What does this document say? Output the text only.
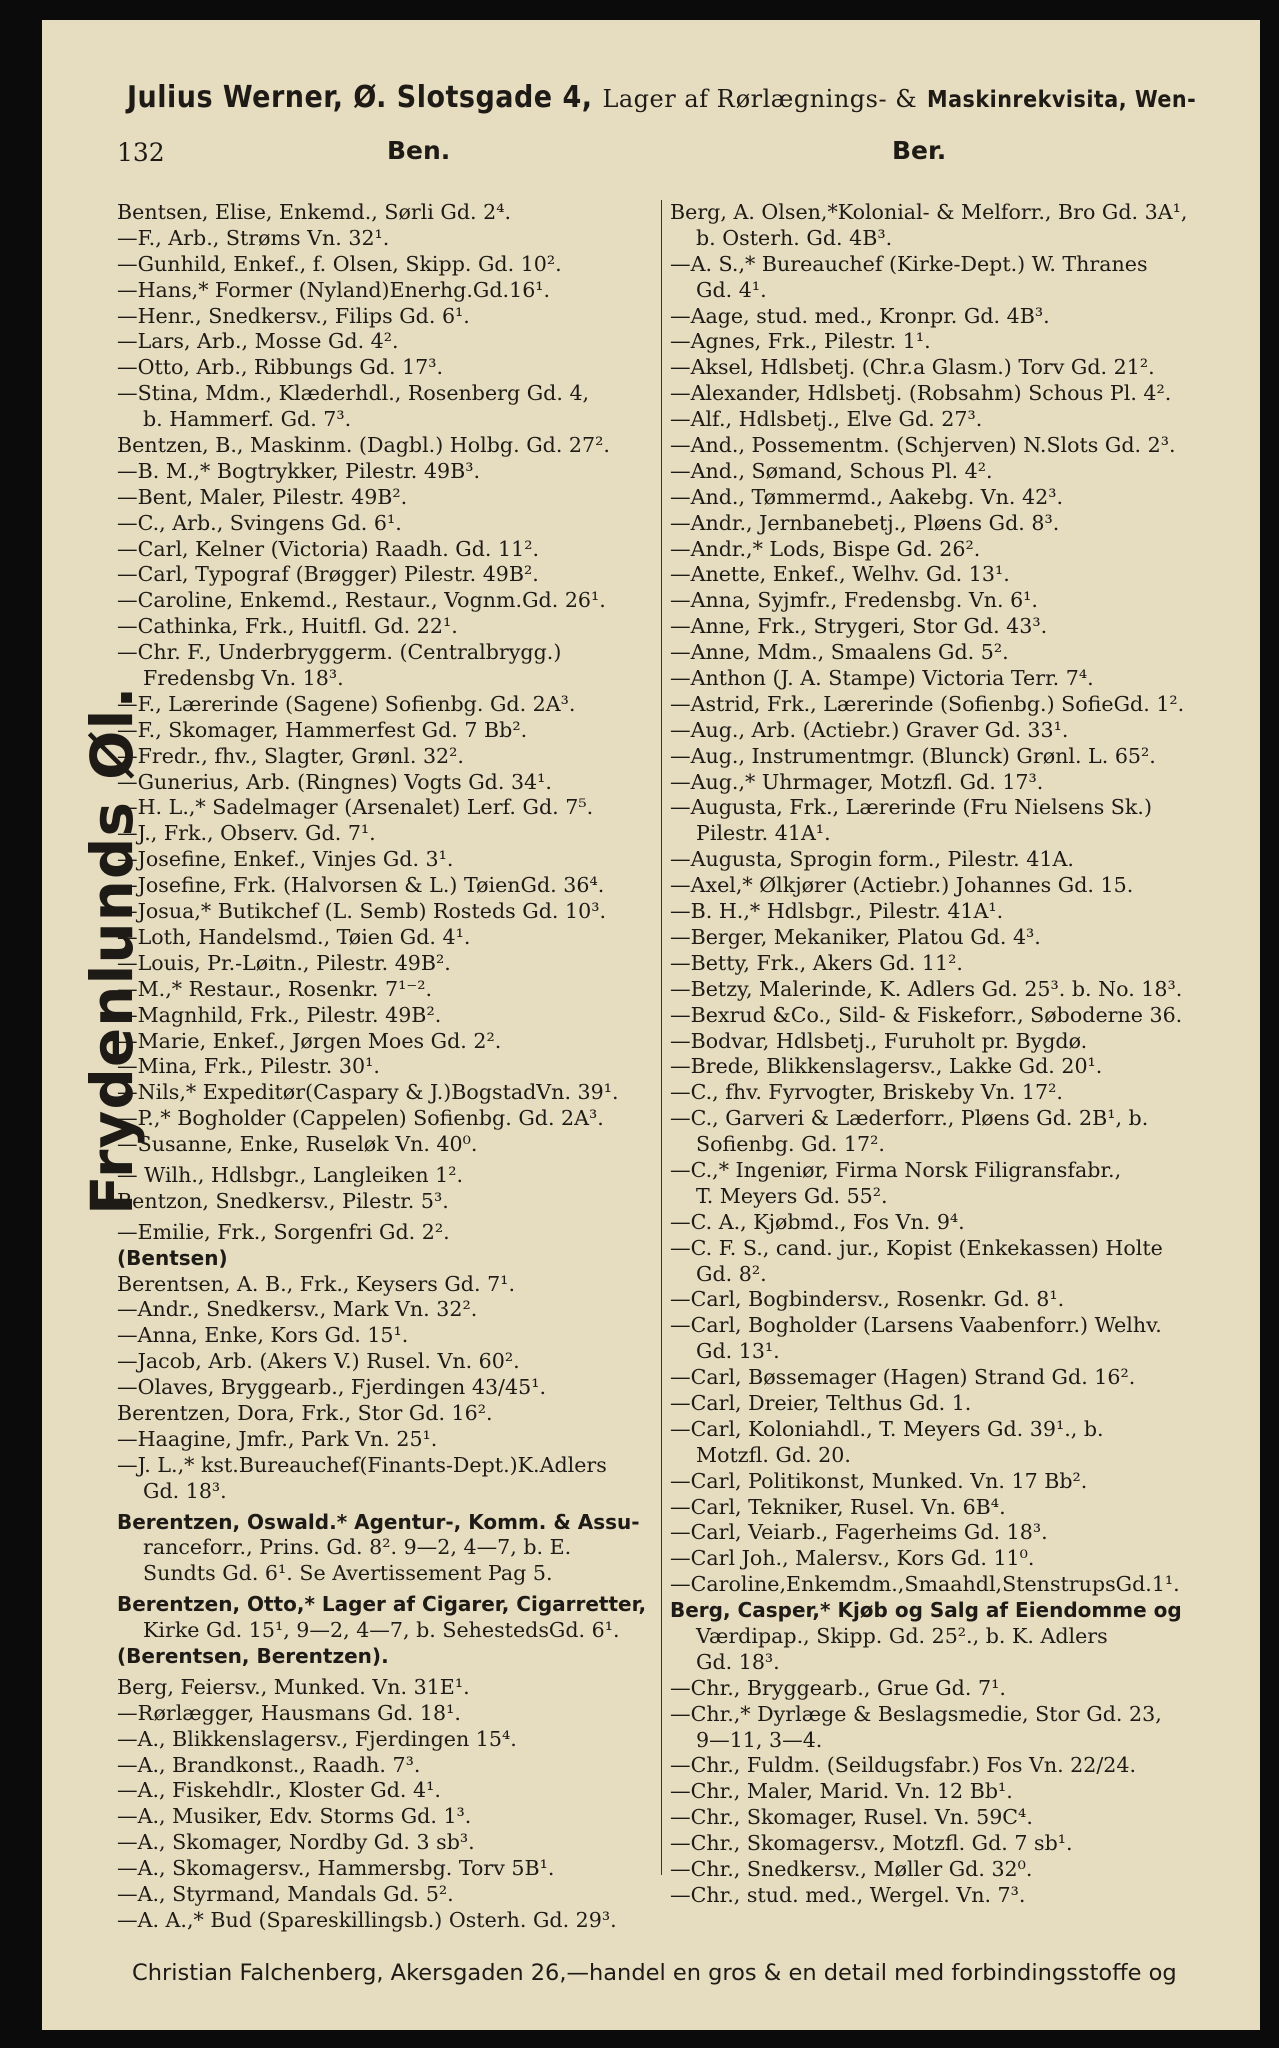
Julius Werner, Ø. Slotsgade 4, Lager af Rørlægnings- & Maskinrekvisita, Wen-
132	Ben.	Ber.
Bentsen, Elise, Enkemd., Sørli Gd. 2⁴.
—F., Arb., Strøms Vn. 32¹.
—Gunhild, Enkef., f. Olsen, Skipp. Gd. 10².
—Hans,* Former (Nyland)Enerhg.Gd.16¹.
—Henr., Snedkersv., Filips Gd. 6¹.
—Lars, Arb., Mosse Gd. 4².
—Otto, Arb., Ribbungs Gd. 17³.
—Stina, Mdm., Klæderhdl., Rosenberg Gd. 4,
b. Hammerf. Gd. 7³.
Bentzen, B., Maskinm. (Dagbl.) Holbg. Gd. 27².
—B. M.,* Bogtrykker, Pilestr. 49B³.
—Bent, Maler, Pilestr. 49B².
—C., Arb., Svingens Gd. 6¹.
—Carl, Kelner (Victoria) Raadh. Gd. 11².
—Carl, Typograf (Brøgger) Pilestr. 49B².
—Caroline, Enkemd., Restaur., Vognm.Gd. 26¹.
—Cathinka, Frk., Huitfl. Gd. 22¹.
—Chr. F., Underbryggerm. (Centralbrygg.)
Fredensbg Vn. 18³.
—F., Lærerinde (Sagene) Sofienbg. Gd. 2A³.
—F., Skomager, Hammerfest Gd. 7 Bb².
—Fredr., fhv., Slagter, Grønl. 32².
—Gunerius, Arb. (Ringnes) Vogts Gd. 34¹.
—H. L.,* Sadelmager (Arsenalet) Lerf. Gd. 7⁵.
—J., Frk., Observ. Gd. 7¹.
—Josefine, Enkef., Vinjes Gd. 3¹.
—Josefine, Frk. (Halvorsen & L.) TøienGd. 36⁴.
—Josua,* Butikchef (L. Semb) Rosteds Gd. 10³.
—Loth, Handelsmd., Tøien Gd. 4¹.
—Louis, Pr.-Løitn., Pilestr. 49B².
—M.,* Restaur., Rosenkr. 7¹⁻².
—Magnhild, Frk., Pilestr. 49B².
—Marie, Enkef., Jørgen Moes Gd. 2².
—Mina, Frk., Pilestr. 30¹.
—Nils,* Expeditør(Caspary & J.)BogstadVn. 39¹.
—P.,* Bogholder (Cappelen) Sofienbg. Gd. 2A³.
—Susanne, Enke, Ruseløk Vn. 40⁰.
— Wilh., Hdlsbgr., Langleiken 1².
Bentzon, Snedkersv., Pilestr. 5³.
—Emilie, Frk., Sorgenfri Gd. 2².
(Bentsen)
Berentsen, A. B., Frk., Keysers Gd. 7¹.
—Andr., Snedkersv., Mark Vn. 32².
—Anna, Enke, Kors Gd. 15¹.
—Jacob, Arb. (Akers V.) Rusel. Vn. 60².
—Olaves, Bryggearb., Fjerdingen 43/45¹.
Berentzen, Dora, Frk., Stor Gd. 16².
—Haagine, Jmfr., Park Vn. 25¹.
—J. L.,* kst.Bureauchef(Finants-Dept.)K.Adlers
Gd. 18³.
Berentzen, Oswald.* Agentur-, Komm. & Assu-
ranceforr., Prins. Gd. 8². 9—2, 4—7, b. E.
Sundts Gd. 6¹. Se Avertissement Pag 5.
Berentzen, Otto,* Lager af Cigarer, Cigarretter,
Kirke Gd. 15¹, 9—2, 4—7, b. SehestedsGd. 6¹.
(Berentsen, Berentzen).
Berg, Feiersv., Munked. Vn. 31E¹.
—Rørlægger, Hausmans Gd. 18¹.
—A., Blikkenslagersv., Fjerdingen 15⁴.
—A., Brandkonst., Raadh. 7³.
—A., Fiskehdlr., Kloster Gd. 4¹.
—A., Musiker, Edv. Storms Gd. 1³.
—A., Skomager, Nordby Gd. 3 sb³.
—A., Skomagersv., Hammersbg. Torv 5B¹.
—A., Styrmand, Mandals Gd. 5².
—A. A.,* Bud (Spareskillingsb.) Osterh. Gd. 29³.
Berg, A. Olsen,*Kolonial- & Melforr., Bro Gd. 3A¹,
b. Osterh. Gd. 4B³.
—A. S.,* Bureauchef (Kirke-Dept.) W. Thranes
Gd. 4¹.
—Aage, stud. med., Kronpr. Gd. 4B³.
—Agnes, Frk., Pilestr. 1¹.
—Aksel, Hdlsbetj. (Chr.a Glasm.) Torv Gd. 21².
—Alexander, Hdlsbetj. (Robsahm) Schous Pl. 4².
—Alf., Hdlsbetj., Elve Gd. 27³.
—And., Possementm. (Schjerven) N.Slots Gd. 2³.
—And., Sømand, Schous Pl. 4².
—And., Tømmermd., Aakebg. Vn. 42³.
—Andr., Jernbanebetj., Pløens Gd. 8³.
—Andr.,* Lods, Bispe Gd. 26².
—Anette, Enkef., Welhv. Gd. 13¹.
—Anna, Syjmfr., Fredensbg. Vn. 6¹.
—Anne, Frk., Strygeri, Stor Gd. 43³.
—Anne, Mdm., Smaalens Gd. 5².
—Anthon (J. A. Stampe) Victoria Terr. 7⁴.
—Astrid, Frk., Lærerinde (Sofienbg.) SofieGd. 1².
—Aug., Arb. (Actiebr.) Graver Gd. 33¹.
—Aug., Instrumentmgr. (Blunck) Grønl. L. 65².
—Aug.,* Uhrmager, Motzfl. Gd. 17³.
—Augusta, Frk., Lærerinde (Fru Nielsens Sk.)
Pilestr. 41A¹.
—Augusta, Sprogin form., Pilestr. 41A.
—Axel,* Ølkjører (Actiebr.) Johannes Gd. 15.
—B. H.,* Hdlsbgr., Pilestr. 41A¹.
—Berger, Mekaniker, Platou Gd. 4³.
—Betty, Frk., Akers Gd. 11².
—Betzy, Malerinde, K. Adlers Gd. 25³. b. No. 18³.
—Bexrud &Co., Sild- & Fiskeforr., Søboderne 36.
—Bodvar, Hdlsbetj., Furuholt pr. Bygdø.
—Brede, Blikkenslagersv., Lakke Gd. 20¹.
—C., fhv. Fyrvogter, Briskeby Vn. 17².
—C., Garveri & Læderforr., Pløens Gd. 2B¹, b.
Sofienbg. Gd. 17².
—C.,* Ingeniør, Firma Norsk Filigransfabr.,
T. Meyers Gd. 55².
—C. A., Kjøbmd., Fos Vn. 9⁴.
—C. F. S., cand. jur., Kopist (Enkekassen) Holte
Gd. 8².
—Carl, Bogbindersv., Rosenkr. Gd. 8¹.
—Carl, Bogholder (Larsens Vaabenforr.) Welhv.
Gd. 13¹.
—Carl, Bøssemager (Hagen) Strand Gd. 16².
—Carl, Dreier, Telthus Gd. 1.
—Carl, Koloniahdl., T. Meyers Gd. 39¹., b.
Motzfl. Gd. 20.
—Carl, Politikonst, Munked. Vn. 17 Bb².
—Carl, Tekniker, Rusel. Vn. 6B⁴.
—Carl, Veiarb., Fagerheims Gd. 18³.
—Carl Joh., Malersv., Kors Gd. 11⁰.
—Caroline,Enkemdm.,Smaahdl,StenstrupsGd.1¹.
Berg, Casper,* Kjøb og Salg af Eiendomme og
Værdipap., Skipp. Gd. 25²., b. K. Adlers
Gd. 18³.
—Chr., Bryggearb., Grue Gd. 7¹.
—Chr.,* Dyrlæge & Beslagsmedie, Stor Gd. 23,
9—11, 3—4.
—Chr., Fuldm. (Seildugsfabr.) Fos Vn. 22/24.
—Chr., Maler, Marid. Vn. 12 Bb¹.
—Chr., Skomager, Rusel. Vn. 59C⁴.
—Chr., Skomagersv., Motzfl. Gd. 7 sb¹.
—Chr., Snedkersv., Møller Gd. 32⁰.
—Chr., stud. med., Wergel. Vn. 7³.
Frydenlunds Øl.
Christian Falchenberg, Akersgaden 26,—handel en gros & en detail med forbindingsstoffe og
